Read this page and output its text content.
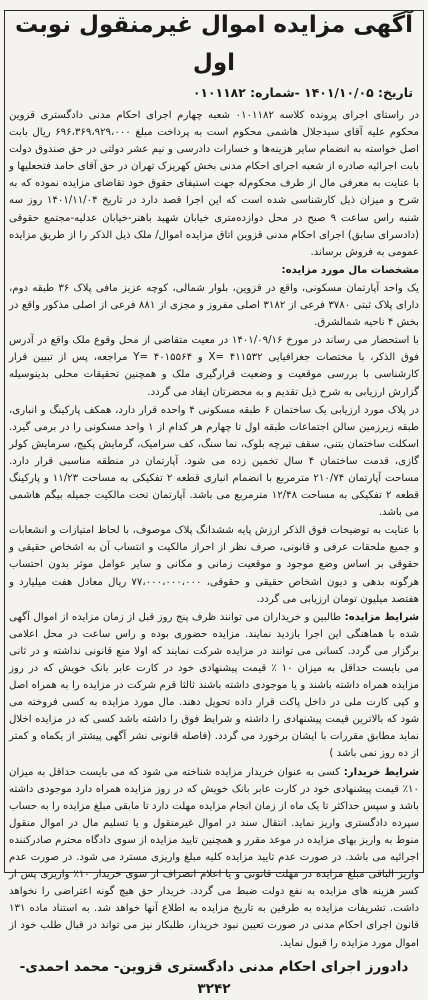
آگهی مزایده اموال غیرمنقول نوبت اول
تاریخ: ۱۴۰۱/۱۰/۰۵ -شماره: ۰۱۰۱۱۸۲

در راستای اجرای پرونده کلاسه ۰۱۰۱۱۸۲ شعبه چهارم اجرای احکام مدنی دادگستری قزوین محکوم علیه آقای سیدجلال هاشمی محکوم است به پرداخت مبلغ ۶۹۶،۳۶۹،۹۲۹،۰۰۰ ریال بابت اصل خواسته به انضمام سایر هزینه‌ها و خسارات دادرسی و نیم عشر دولتی در حق صندوق دولت بابت اجرائیه صادره از شعبه اجرای احکام مدنی بخش کهریزک تهران در حق آقای حامد فتحعلیها و با عنایت به معرفی مال از طرف محکوم‌له جهت استیفای حقوق خود تقاضای مزایده نموده که به شرح و میزان ذیل کارشناسی شده است که این اجرا قصد دارد در تاریخ ۱۴۰۱/۱۱/۰۴ روز سه شنبه راس ساعت ۹ صبح در محل دوازده‌متری خیابان شهید باهنر-خیابان عدلیه-مجتمع حقوقی (دادسرای سابق) اجرای احکام مدنی قزوین اتاق مزایده اموال/ ملک ذیل الذکر را از طریق مزایده عمومی به فروش برساند.

مشخصات مال مورد مزایده:

یک واحد آپارتمان مسکونی، واقع در قزوین، بلوار شمالی، کوچه عزیز مافی پلاک ۳۶ طبقه دوم، دارای پلاک ثبتی ۳۷۸۰ فرعی از ۳۱۸۲ اصلی مفروز و مجزی از ۸۸۱ فرعی از اصلی مذکور واقع در بخش ۴ ناحیه شمالشرق.

با استحضار می رساند در مورخ ۱۴۰۱/۰۹/۱۶ در معیت متقاضی از محل وقوع ملک واقع در آدرس فوق الذکر، با مختصات جغرافیایی X= ۴۱۱۵۳۲ و Y= ۴۰۱۵۵۶۴ مراجعه، پس از تبیین قرار کارشناسی با بررسی موقعیت و وضعیت قرارگیری ملک و همچنین تحقیقات محلی بدینوسیله گزارش ارزیابی به شرح ذیل تقدیم و به محضرتان ایفاد می گردد.

در پلاک مورد ارزیابی یک ساختمان ۶ طبقه مسکونی ۴ واحده قرار دارد، همکف پارکینگ و انباری، طبقه زیرزمین سالن اجتماعات طبقه اول تا چهارم هر کدام از ۱ واحد مسکونی را در برمی گیرد. اسکلت ساختمان بتنی، سقف تیرچه بلوک، نما سنگ، کف سرامیک، گرمایش پکیج، سرمایش کولر گازی، قدمت ساختمان ۴ سال تخمین زده می شود. آپارتمان در منطقه مناسبی قرار دارد. مساحت آپارتمان ۲۱۰/۷۴ مترمربع با انضمام انباری قطعه ۲ تفکیکی به مساحت ۱۱/۲۳ و پارکینگ قطعه ۲ تفکیکی به مساحت ۱۲/۴۸ مترمربع می باشد. آپارتمان تحت مالکیت جمیله بیگم هاشمی می باشد.

با عنایت به توضیحات فوق الذکر ارزش پایه ششدانگ پلاک موصوف، با لحاظ امتیازات و انشعابات و جمیع ملحقات عرفی و قانونی، صرف نظر از احراز مالکیت و انتساب آن به اشخاص حقیقی و حقوقی بر اساس وضع موجود و موقعیت زمانی و مکانی و سایر عوامل موثر بدون احتساب هرگونه بدهی و دیون اشخاص حقیقی و حقوقی، ۷۷،۰۰۰،۰۰۰،۰۰۰ ریال معادل هفت میلیارد و هفتصد میلیون تومان ارزیابی می گردد.

شرایط مزایده: طالبین و خریداران می توانند ظرف پنج روز قبل از زمان مزایده از اموال آگهی شده با هماهنگی این اجرا بازدید نمایند. مزایده حضوری بوده و راس ساعت در محل اعلامی برگزار می گردد. کسانی می توانند در مزایده شرکت نمایند که اولا منع قانونی نداشته و در ثانی می بایست حداقل به میزان ۱۰ ٪ قیمت پیشنهادی خود در کارت عابر بانک خویش که در روز مزایده همراه داشته باشند و یا موجودی داشته باشند ثالثا قرم شرکت در مزایده را به همراه اصل و کپی کارت ملی در داخل پاکت قرار داده تحویل دهند. مال مورد مزایده به کسی فروخته می شود که بالاترین قیمت پیشنهادی را داشته و شرایط فوق را داشته باشد کسی که در مزایده اخلال نماید مطابق مقررات با ایشان برخورد می گردد. (فاصله قانونی نشر آگهی پیشتر از یکماه و کمتر از ده روز نمی باشد )

شرایط خریدار: کسی به عنوان خریدار مزایده شناخته می شود که می بایست حداقل به میزان ۱۰٪ قیمت پیشنهادی خود در کارت عابر بانک خویش که در روز مزایده همراه دارد موجودی داشته باشد و سپس حداکثر تا یک ماه از زمان انجام مزایده مهلت دارد تا مابقی مبلغ مزایده را به حساب سپرده دادگستری واریز نماید. انتقال سند در اموال غیرمنقول و یا تسلیم مال در اموال منقول منوط به واریز بهای مزایده در موعد مقرر و همچنین تایید مزایده از سوی دادگاه محترم صادرکننده اجرائیه می باشد. در صورت عدم تایید مزایده کلیه مبلغ واریزی مسترد می شود. در صورت عدم واریز الباقی مبلغ مزایده در مهلت قانونی و یا اعلام انصراف از سوی خریدار ۱۰٪ واریزی پس از کسر هزینه های مزایده به نفع دولت ضبط می گردد. خریدار حق هیچ گونه اعتراضی را نخواهد داشت. تشریفات مزایده به طرفین به تاریخ مزایده به اطلاع آنها خواهد شد. به استناد ماده ۱۳۱ قانون اجرای احکام مدنی در صورت تعیین نبود خریدار، طلبکار نیز می تواند در قبال طلب خود از اموال مورد مزایده را قبول نماید.

دادورز اجرای احکام مدنی دادگستری قزوین- محمد احمدی- ۳۲۴۲
